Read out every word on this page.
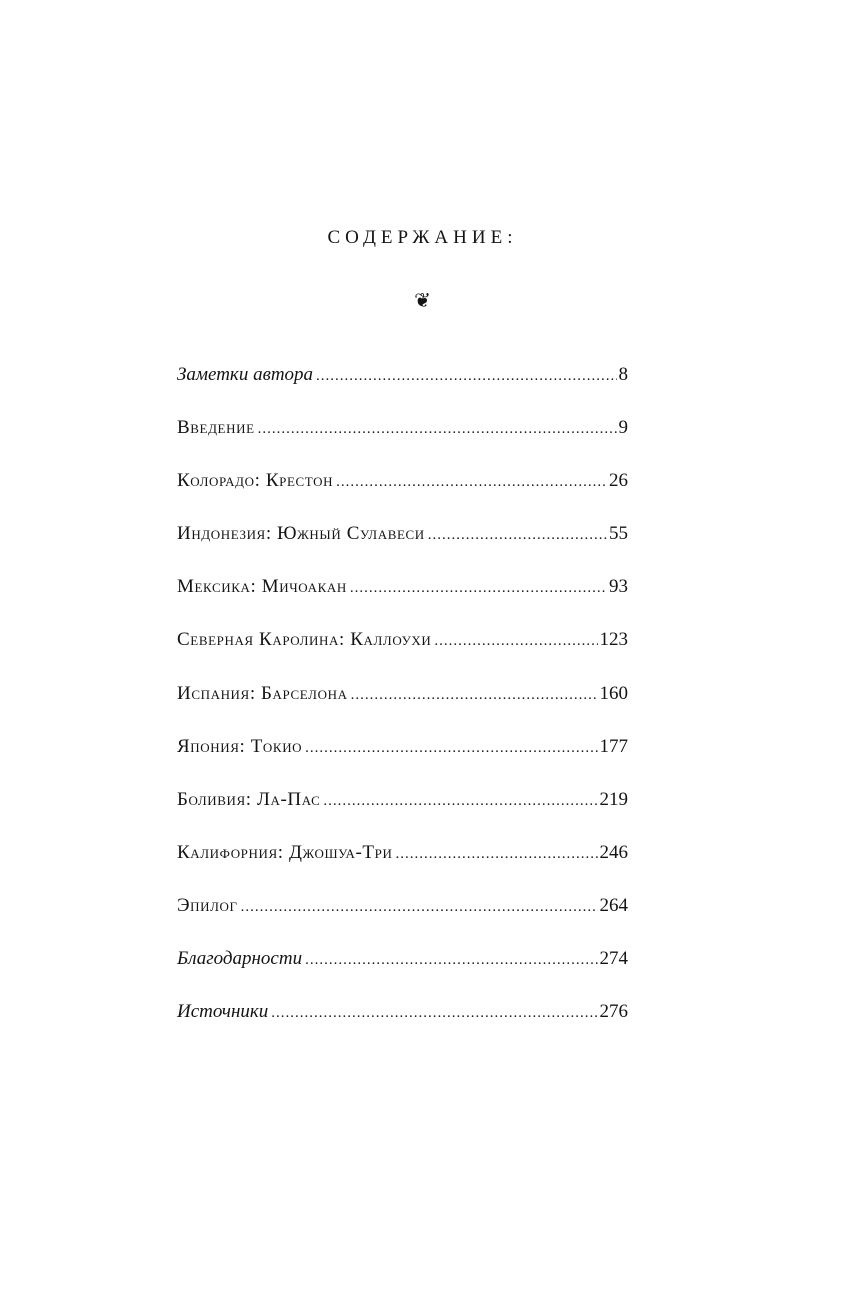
СОДЕРЖАНИЕ:
❦
Заметки автора .....	8
Введение .....	9
Колорадо: Крестон .....	26
Индонезия: Южный Сулавеси .....	55
Мексика: Мичоакан .....	93
Северная Каролина: Каллоухи .....	123
Испания: Барселона .....	160
Япония: Токио .....	177
Боливия: Ла-Пас .....	219
Калифорния: Джошуа-Три .....	246
Эпилог .....	264
Благодарности .....	274
Источники .....	276
